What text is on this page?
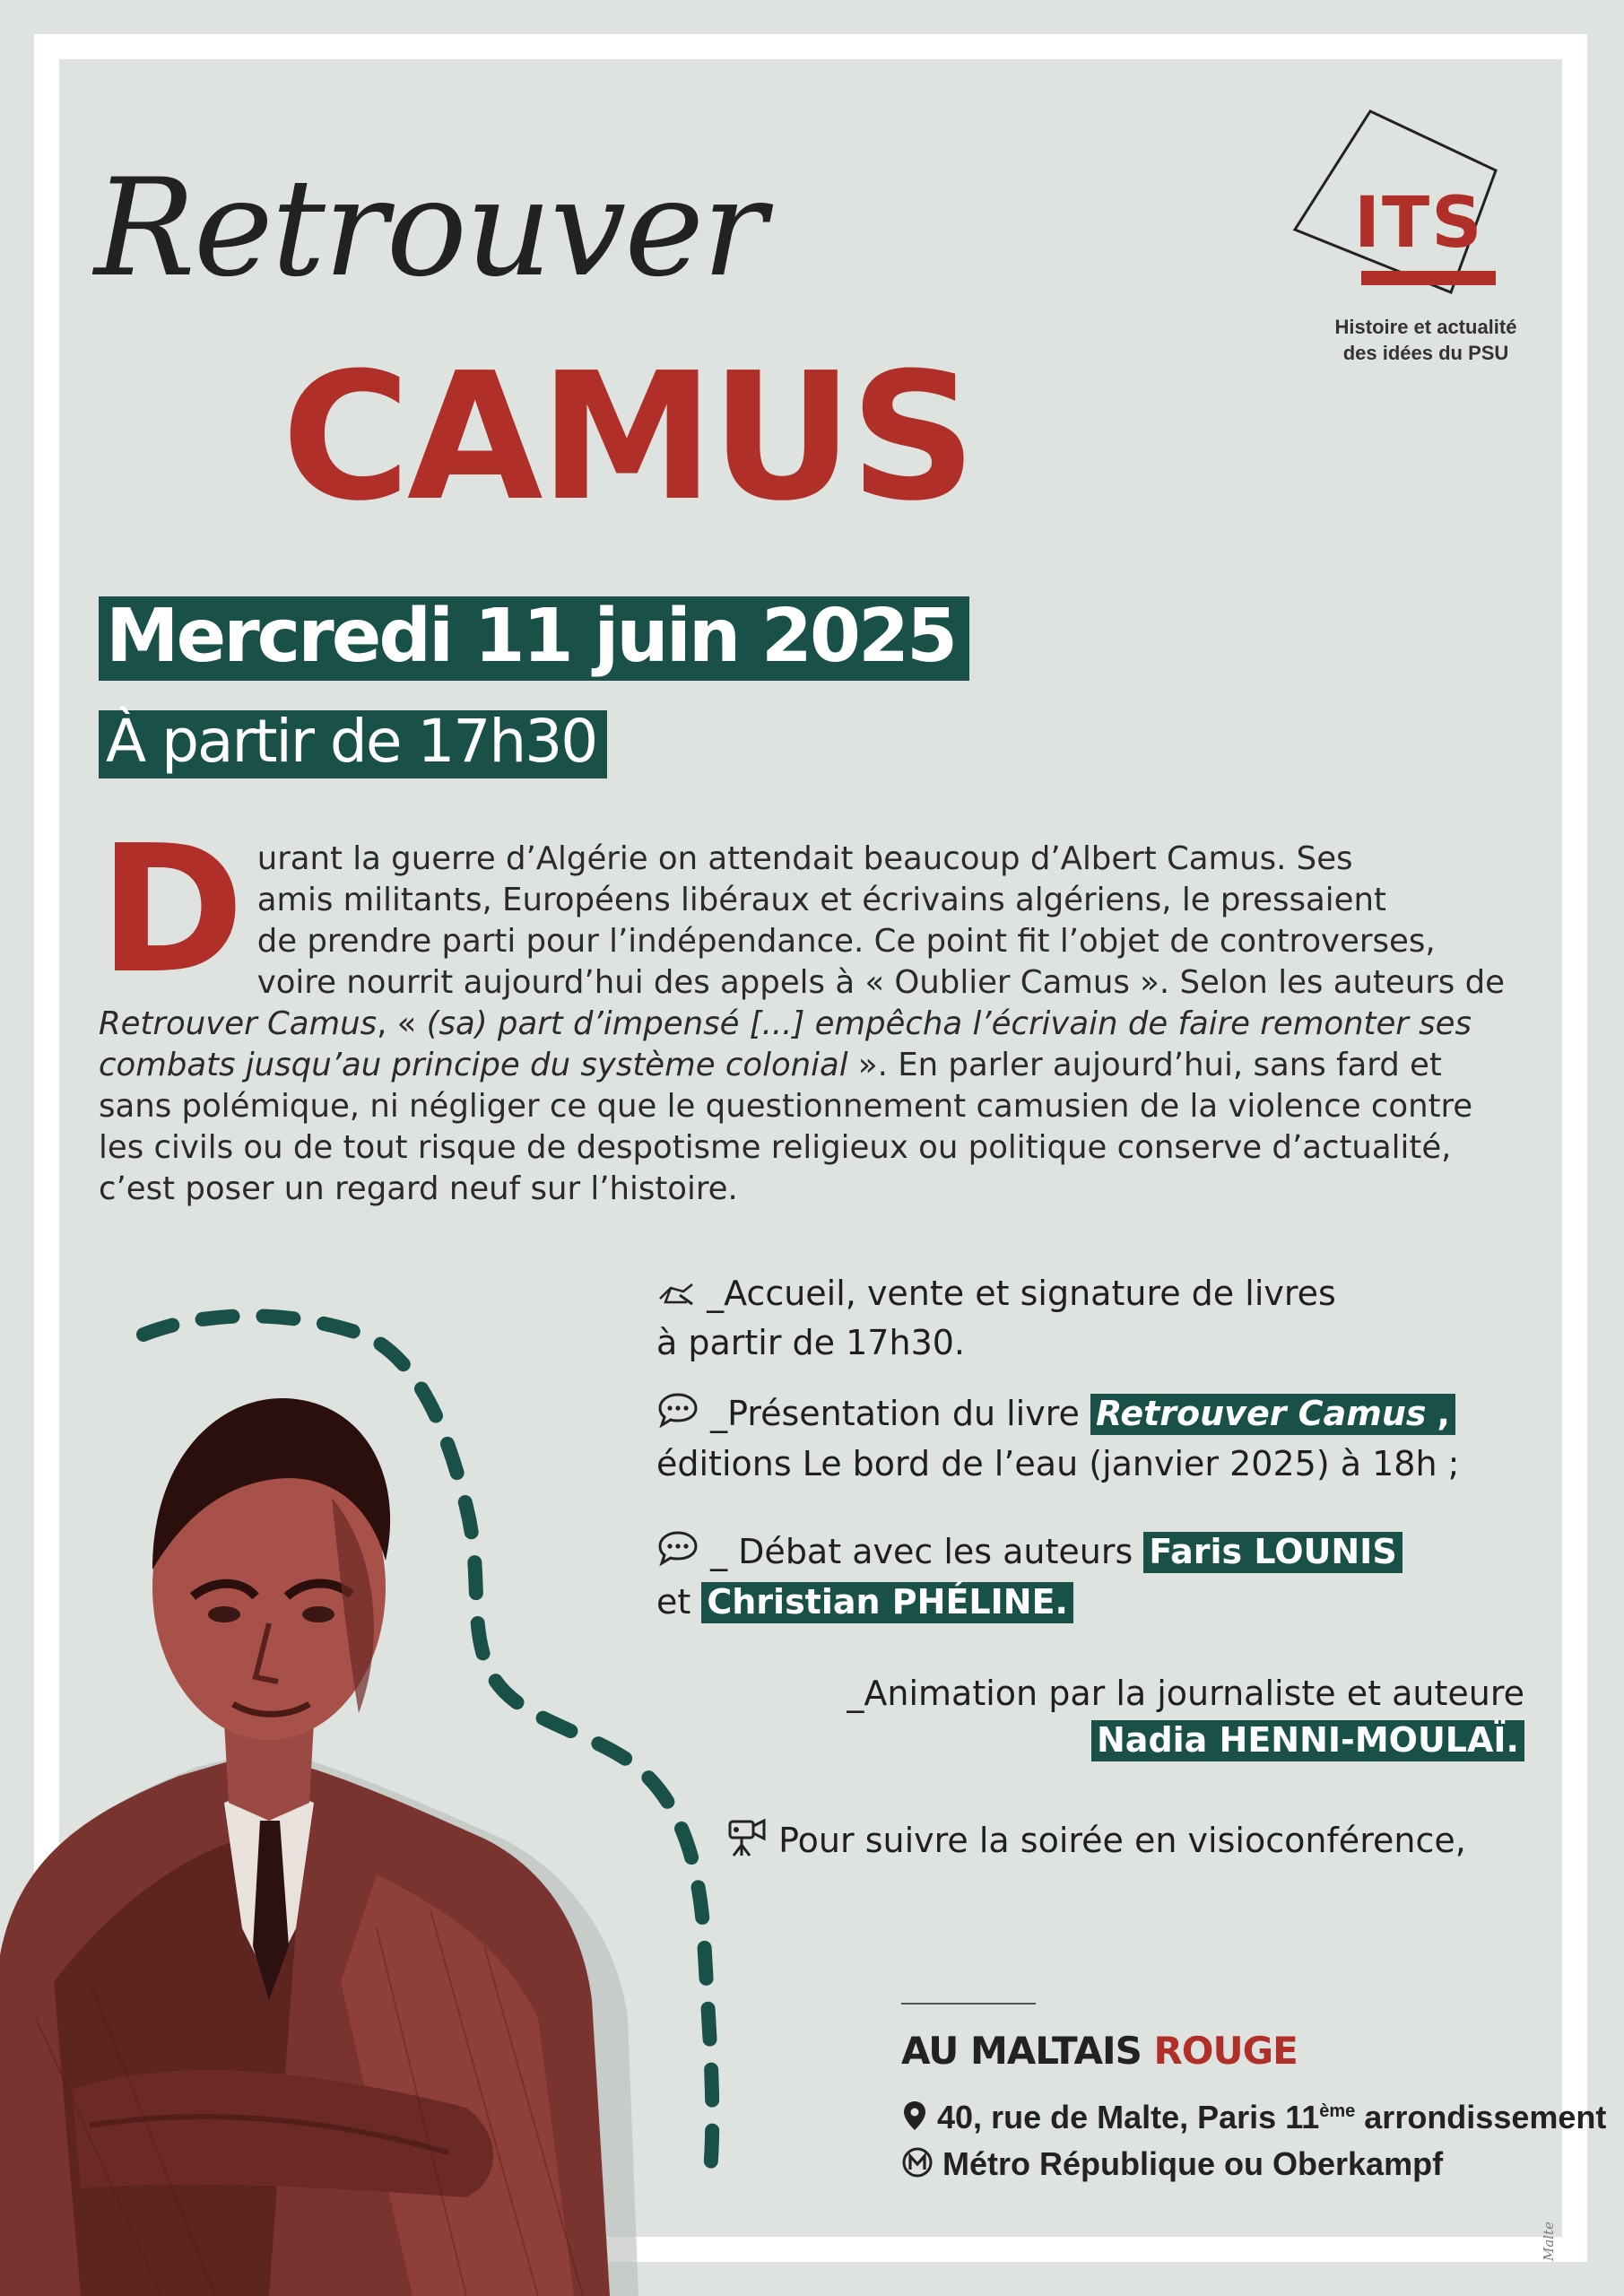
ITS
Histoire et actualité
des idées du PSU
Retrouver
CAMUS
Mercredi 11 juin 2025
À partir de 17h30
D urant la guerre d’Algérie on attendait beaucoup d’Albert Camus. Ses
amis militants, Européens libéraux et écrivains algériens, le pressaient
de prendre parti pour l’indépendance. Ce point fit l’objet de controverses,
voire nourrit aujourd’hui des appels à « Oublier Camus ». Selon les auteurs de
Retrouver Camus, « (sa) part d’impensé [...] empêcha l’écrivain de faire remonter ses
combats jusqu’au principe du système colonial ». En parler aujourd’hui, sans fard et
sans polémique, ni négliger ce que le questionnement camusien de la violence contre
les civils ou de tout risque de despotisme religieux ou politique conserve d’actualité,
c’est poser un regard neuf sur l’histoire.
_Accueil, vente et signature de livres
à partir de 17h30.
_Présentation du livre Retrouver Camus ,
éditions Le bord de l’eau (janvier 2025) à 18h ;
_ Débat avec les auteurs Faris LOUNIS
et Christian PHÉLINE.
_Animation par la journaliste et auteure
Nadia HENNI-MOULAÏ.
Pour suivre la soirée en visioconférence,
AU MALTAIS ROUGE
40, rue de Malte, Paris 11ème arrondissement
Métro République ou Oberkampf
Malte
